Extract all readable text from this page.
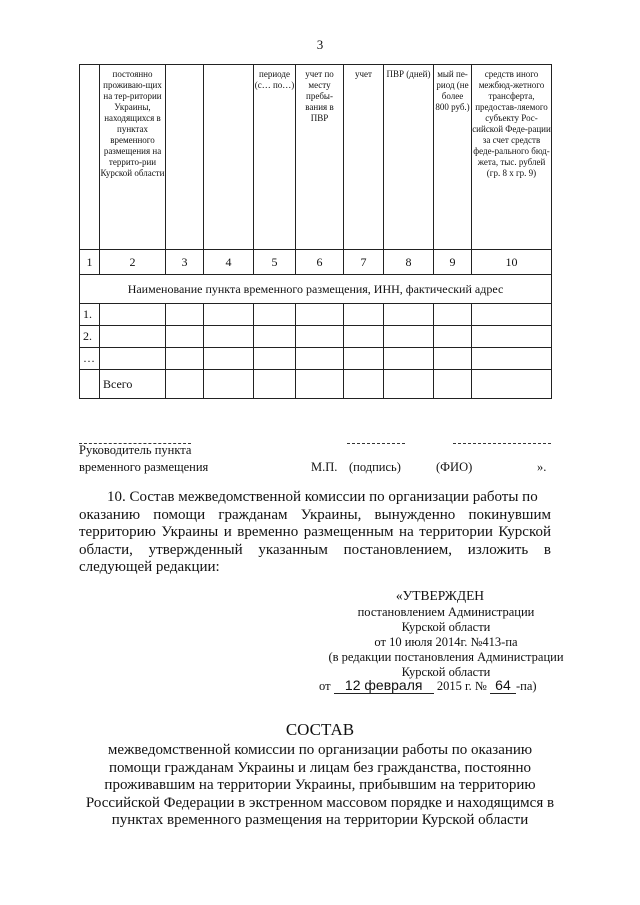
3
	постоянно проживаю-щих на тер-ритории Украины, находящихся в пунктах временного размещения на террито-рии Курской области			периоде (с… по…)	учет по месту пребы-вания в ПВР	учет	ПВР (дней)	мый пе-риод (не более 800 руб.)	средств иного межбюд-жетного трансферта, предостав-ляемого субъекту Рос-сийской Феде-рации за счет средств феде-рального бюд-жета, тыс. рублей (гр. 8 х гр. 9)
1	2	3	4	5	6	7	8	9	10
Наименование пункта временного размещения, ИНН, фактический адрес									
1.									
2.									
…									
	Всего								
Руководитель пункта
временного размещения	М.П. (подпись)	(ФИО)	».
10. Состав межведомственной комиссии по организации работы по
оказанию помощи гражданам Украины, вынужденно покинувшим
территорию Украины и временно размещенным на территории Курской
области, утвержденный указанным постановлением, изложить в
следующей редакции:
«УТВЕРЖДЕН
постановлением Администрации
Курской области
от 10 июля 2014г. №413-па
(в редакции постановления Администрации
Курской области
от 12 февраля 2015 г. № 64 -па)
СОСТАВ
межведомственной комиссии по организации работы по оказанию
помощи гражданам Украины и лицам без гражданства, постоянно
проживавшим на территории Украины, прибывшим на территорию
Российской Федерации в экстренном массовом порядке и находящимся в
пунктах временного размещения на территории Курской области
